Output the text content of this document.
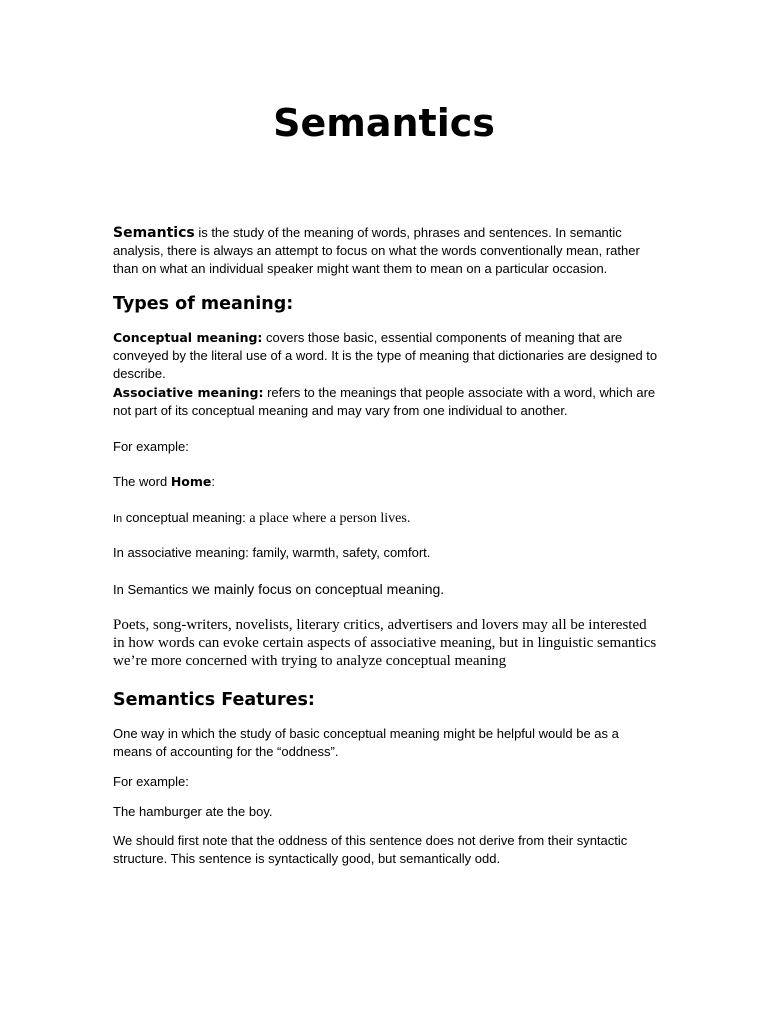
Semantics

Semantics is the study of the meaning of words, phrases and sentences. In semantic analysis, there is always an attempt to focus on what the words conventionally mean, rather than on what an individual speaker might want them to mean on a particular occasion.

Types of meaning:

Conceptual meaning: covers those basic, essential components of meaning that are conveyed by the literal use of a word. It is the type of meaning that dictionaries are designed to describe.

Associative meaning: refers to the meanings that people associate with a word, which are not part of its conceptual meaning and may vary from one individual to another.

For example:

The word Home:

In conceptual meaning: a place where a person lives.

In associative meaning: family, warmth, safety, comfort.

In Semantics we mainly focus on conceptual meaning.

Poets, song-writers, novelists, literary critics, advertisers and lovers may all be interested in how words can evoke certain aspects of associative meaning, but in linguistic semantics we’re more concerned with trying to analyze conceptual meaning

Semantics Features:

One way in which the study of basic conceptual meaning might be helpful would be as a means of accounting for the “oddness”.

For example:

The hamburger ate the boy.

We should first note that the oddness of this sentence does not derive from their syntactic structure. This sentence is syntactically good, but semantically odd.
